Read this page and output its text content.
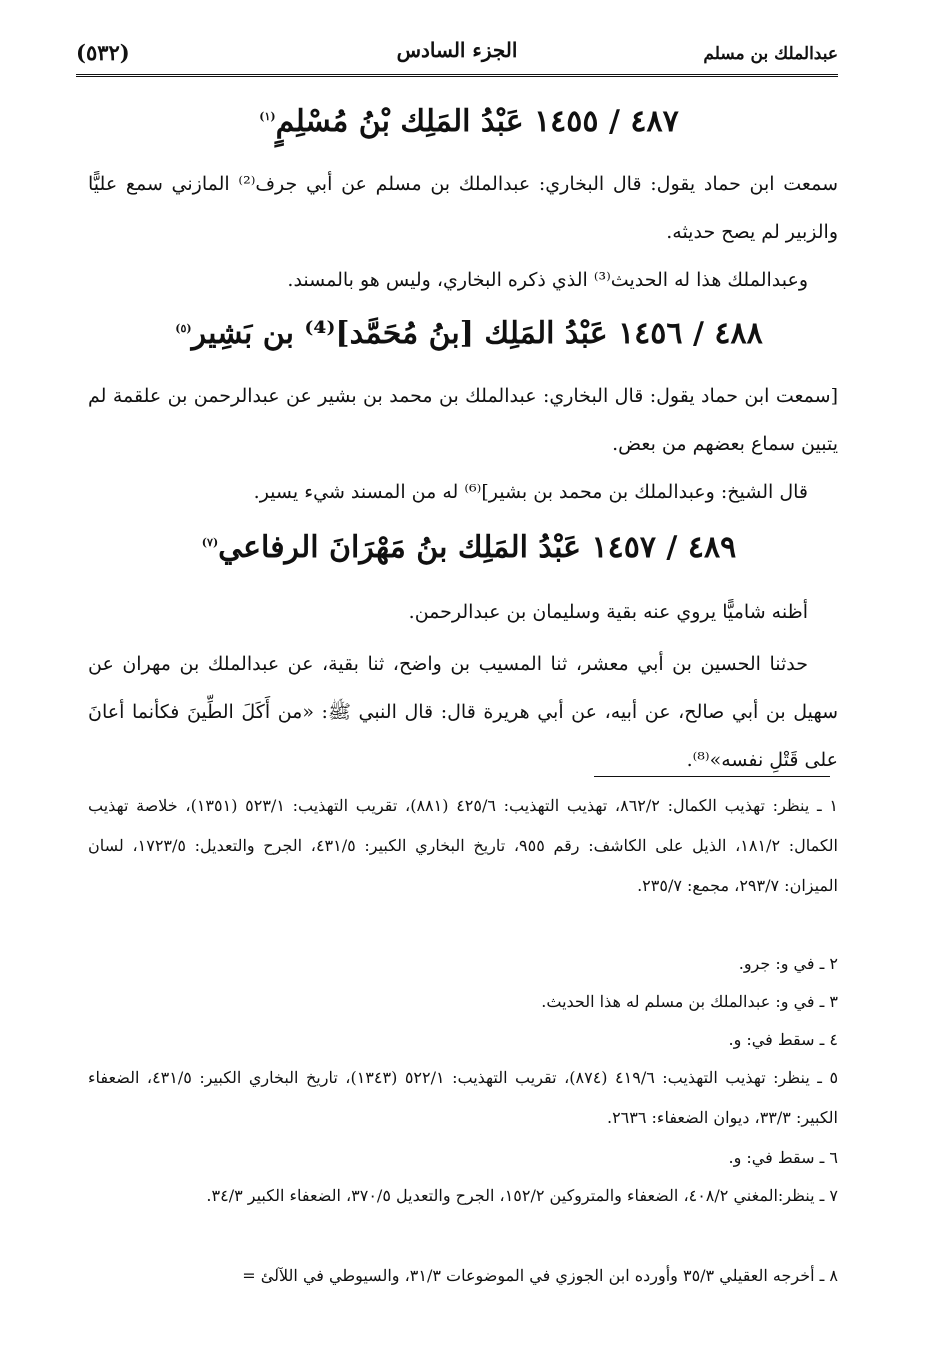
(٥٣٢)	الجزء السادس	عبدالملك بن مسلم
٤٨٧ / ١٤٥٥ عَبْدُ المَلِك بْنُ مُسْلِمٍ$^{(١)}$
سمعت ابن حماد يقول: قال البخاري: عبدالملك بن مسلم عن أبي جرف⁽²⁾ المازني سمع عليًّا والزبير لم يصح حديثه.
وعبدالملك هذا له الحديث⁽³⁾ الذي ذكره البخاري، وليس هو بالمسند.
٤٨٨ / ١٤٥٦ عَبْدُ المَلِك [بنُ مُحَمَّد]⁽⁴⁾ بن بَشِير$^{(٥)}$
[سمعت ابن حماد يقول: قال البخاري: عبدالملك بن محمد بن بشير عن عبدالرحمن بن علقمة لم يتبين سماع بعضهم من بعض.
قال الشيخ: وعبدالملك بن محمد بن بشير]⁽⁶⁾ له من المسند شيء يسير.
٤٨٩ / ١٤٥٧ عَبْدُ المَلِك بنُ مَهْرَانَ الرفاعي$^{(٧)}$
أظنه شاميًّا يروي عنه بقية وسليمان بن عبدالرحمن.
حدثنا الحسين بن أبي معشر، ثنا المسيب بن واضح، ثنا بقية، عن عبدالملك بن مهران عن سهيل بن أبي صالح، عن أبيه، عن أبي هريرة قال: قال النبي ﷺ: «من أَكَلَ الطِّينَ فكأنما أعانَ على قَتْلِ نفسه»⁽⁸⁾.
١ ـ ينظر: تهذيب الكمال: ٨٦٢/٢، تهذيب التهذيب: ٤٢٥/٦ (٨٨١)، تقريب التهذيب: ٥٢٣/١ (١٣٥١)، خلاصة تهذيب الكمال: ١٨١/٢، الذيل على الكاشف: رقم ٩٥٥، تاريخ البخاري الكبير: ٤٣١/٥، الجرح والتعديل: ١٧٢٣/٥، لسان الميزان: ٢٩٣/٧، مجمع: ٢٣٥/٧.
٢ ـ في و: جرو.
٣ ـ في و: عبدالملك بن مسلم له هذا الحديث.
٤ ـ سقط في: و.
٥ ـ ينظر: تهذيب التهذيب: ٤١٩/٦ (٨٧٤)، تقريب التهذيب: ٥٢٢/١ (١٣٤٣)، تاريخ البخاري الكبير: ٤٣١/٥، الضعفاء الكبير: ٣٣/٣، ديوان الضعفاء: ٢٦٣٦.
٦ ـ سقط في: و.
٧ ـ ينظر:المغني ٤٠٨/٢، الضعفاء والمتروكين ١٥٢/٢، الجرح والتعديل ٣٧٠/٥، الضعفاء الكبير ٣٤/٣.
٨ ـ أخرجه العقيلي ٣٥/٣ وأورده ابن الجوزي في الموضوعات ٣١/٣، والسيوطي في اللآلئ =
